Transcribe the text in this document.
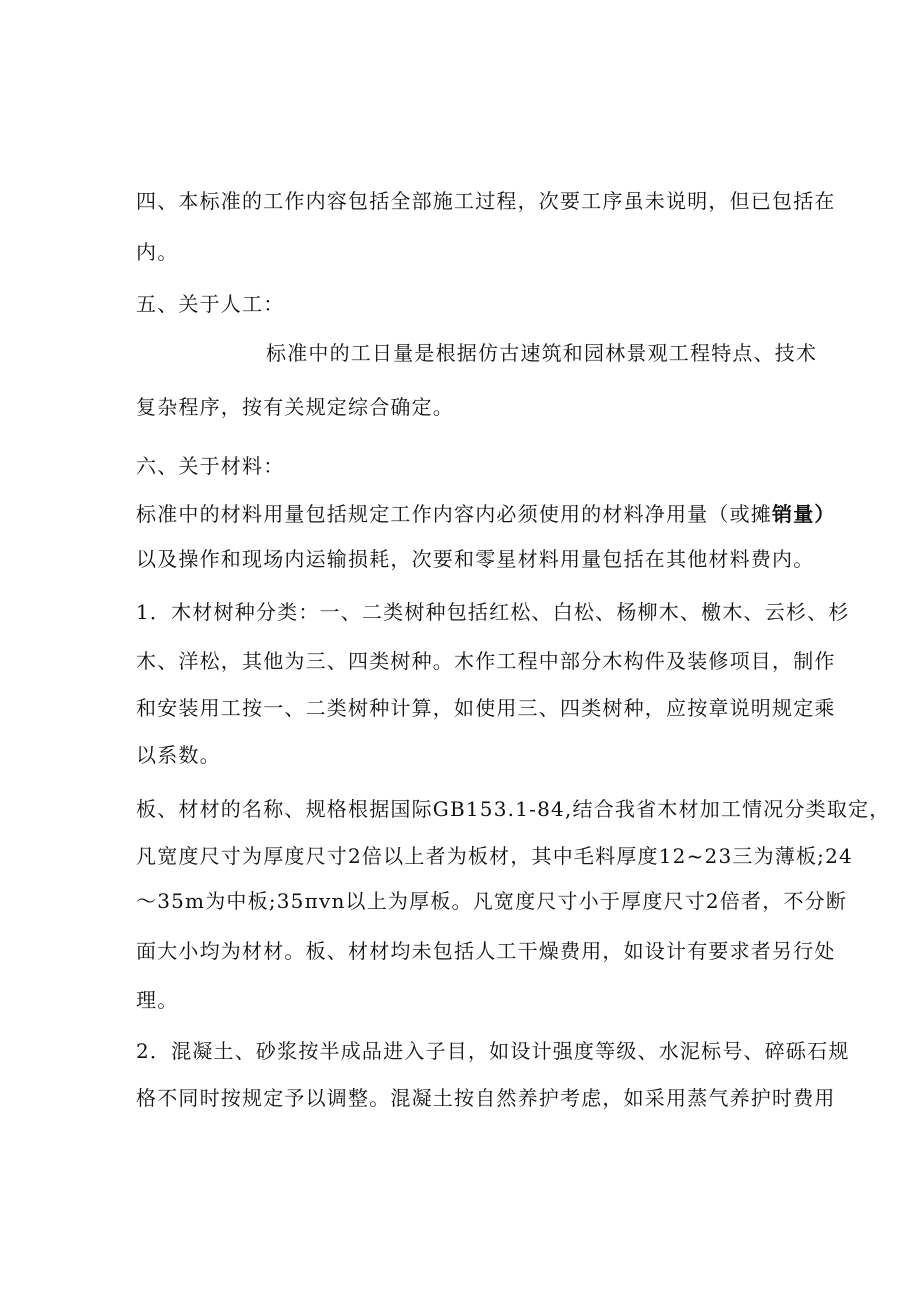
四、本标准的工作内容包括全部施工过程，次要工序虽未说明，但已包括在
内。
五、关于人工：
标准中的工日量是根据仿古速筑和园林景观工程特点、技术
复杂程序，按有关规定综合确定。
六、关于材料：
标准中的材料用量包括规定工作内容内必须使用的材料净用量（或摊销量）
以及操作和现场内运输损耗，次要和零星材料用量包括在其他材料费内。
1．木材树种分类：一、二类树种包括红松、白松、杨柳木、檄木、云杉、杉
木、洋松，其他为三、四类树种。木作工程中部分木构件及装修项目，制作
和安装用工按一、二类树种计算，如使用三、四类树种，应按章说明规定乘
以系数。
板、材材的名称、规格根据国际GB153.1-84,结合我省木材加工情况分类取定，
凡宽度尺寸为厚度尺寸2倍以上者为板材，其中毛料厚度12~23三为薄板;24
～35m为中板;35πvn以上为厚板。凡宽度尺寸小于厚度尺寸2倍者，不分断
面大小均为材材。板、材材均未包括人工干燥费用，如设计有要求者另行处
理。
2．混凝土、砂浆按半成品进入子目，如设计强度等级、水泥标号、碎砾石规
格不同时按规定予以调整。混凝土按自然养护考虑，如采用蒸气养护时费用
